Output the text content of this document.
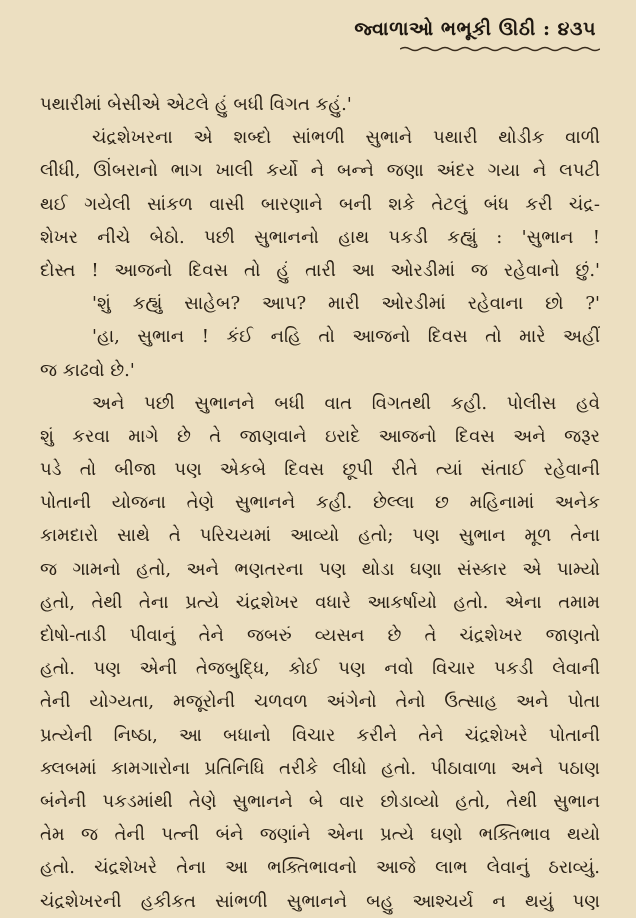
જ્વાળાઓ ભભૂકી ઊઠી : ૪૩૫
પથારીમાં બેસીએ એટલે હું બધી વિગત કહું.'
ચંદ્રશેખરના એ શબ્દો સાંભળી સુભાને પથારી થોડીક વાળી
લીધી, ઊંબરાનો ભાગ ખાલી કર્યો ને બન્ને જણા અંદર ગયા ને લપટી
થઈ ગયેલી સાંકળ વાસી બારણાને બની શકે તેટલું બંધ કરી ચંદ્ર-
શેખર નીચે બેઠો. પછી સુભાનનો હાથ પકડી કહ્યું : 'સુભાન !
દોસ્ત ! આજનો દિવસ તો હું તારી આ ઓરડીમાં જ રહેવાનો છું.'
'શું કહ્યું સાહેબ? આપ? મારી ઓરડીમાં રહેવાના છો ?'
'હા, સુભાન ! કંઈ નહિ તો આજનો દિવસ તો મારે અહીં
જ કાઢવો છે.'
અને પછી સુભાનને બધી વાત વિગતથી કહી. પોલીસ હવે
શું કરવા માગે છે તે જાણવાને ઇરાદે આજનો દિવસ અને જરૂર
પડે તો બીજા પણ એકબે દિવસ છૂપી રીતે ત્યાં સંતાઈ રહેવાની
પોતાની યોજના તેણે સુભાનને કહી. છેલ્લા છ મહિનામાં અનેક
કામદારો સાથે તે પરિચયમાં આવ્યો હતો; પણ સુભાન મૂળ તેના
જ ગામનો હતો, અને ભણતરના પણ થોડા ઘણા સંસ્કાર એ પામ્યો
હતો, તેથી તેના પ્રત્યે ચંદ્રશેખર વધારે આકર્ષાયો હતો. એના તમામ
દોષો-તાડી પીવાનું તેને જબરું વ્યસન છે તે ચંદ્રશેખર જાણતો
હતો. પણ એની તેજબુદ્ધિ, કોઈ પણ નવો વિચાર પકડી લેવાની
તેની યોગ્યતા, મજૂરોની ચળવળ અંગેનો તેનો ઉત્સાહ અને પોતા
પ્રત્યેની નિષ્ઠા, આ બધાનો વિચાર કરીને તેને ચંદ્રશેખરે પોતાની
ક્લબમાં કામગારોના પ્રતિનિધિ તરીકે લીધો હતો. પીઠાવાળા અને પઠાણ
બંનેની પકડમાંથી તેણે સુભાનને બે વાર છોડાવ્યો હતો, તેથી સુભાન
તેમ જ તેની પત્ની બંને જણાંને એના પ્રત્યે ઘણો ભક્તિભાવ થયો
હતો. ચંદ્રશેખરે તેના આ ભક્તિભાવનો આજે લાભ લેવાનું ઠરાવ્યું.
ચંદ્રશેખરની હકીકત સાંભળી સુભાનને બહુ આશ્ચર્ય ન થયું પણ
